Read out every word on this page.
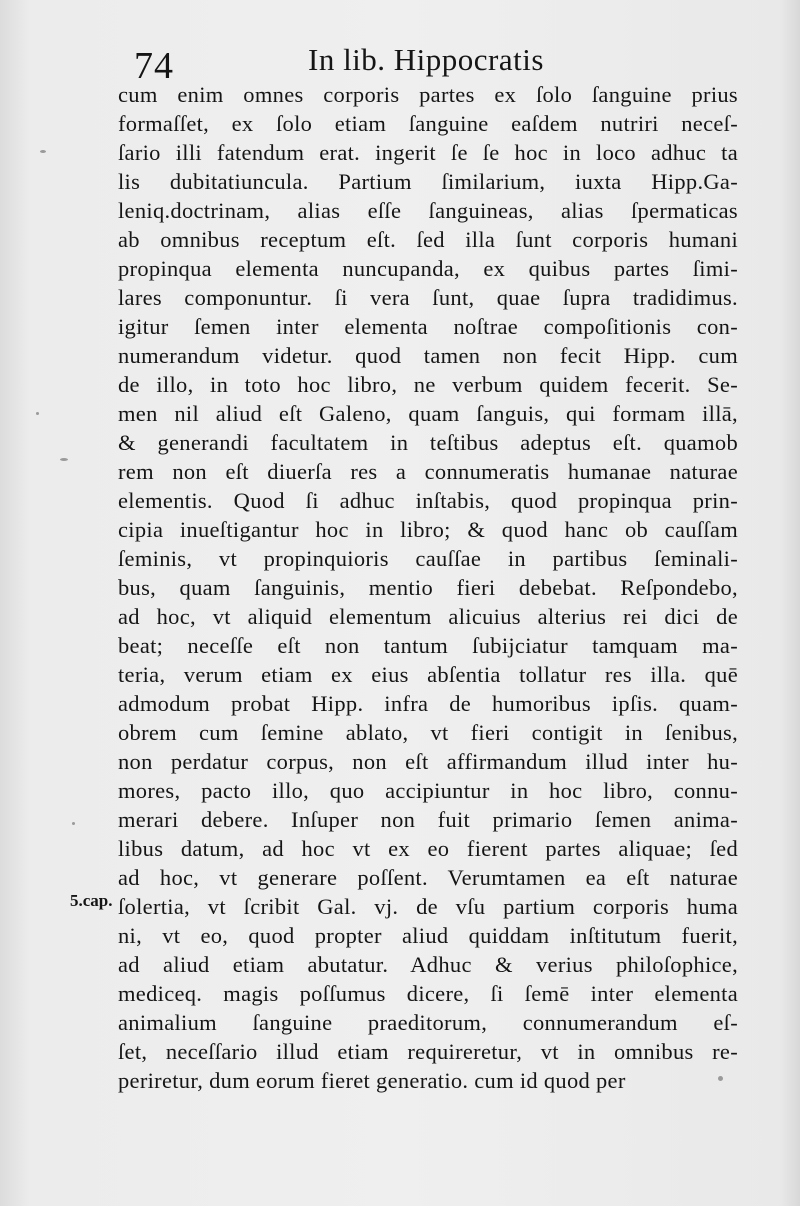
74	In lib. Hippocratis
cum enim omnes corporis partes ex ſolo ſanguine prius
formaſſet, ex ſolo etiam ſanguine eaſdem nutriri neceſ-
ſario illi fatendum erat. ingerit ſe ſe hoc in loco adhuc ta
lis dubitatiuncula. Partium ſimilarium, iuxta Hipp.Ga-
leniq.doctrinam, alias eſſe ſanguineas, alias ſpermaticas
ab omnibus receptum eſt. ſed illa ſunt corporis humani
propinqua elementa nuncupanda, ex quibus partes ſimi-
lares componuntur. ſi vera ſunt, quae ſupra tradidimus.
igitur ſemen inter elementa noſtrae compoſitionis con-
numerandum videtur. quod tamen non fecit Hipp. cum
de illo, in toto hoc libro, ne verbum quidem fecerit. Se-
men nil aliud eſt Galeno, quam ſanguis, qui formam illā,
& generandi facultatem in teſtibus adeptus eſt. quamob
rem non eſt diuerſa res a connumeratis humanae naturae
elementis. Quod ſi adhuc inſtabis, quod propinqua prin-
cipia inueſtigantur hoc in libro; & quod hanc ob cauſſam
ſeminis, vt propinquioris cauſſae in partibus ſeminali-
bus, quam ſanguinis, mentio fieri debebat. Reſpondebo,
ad hoc, vt aliquid elementum alicuius alterius rei dici de
beat; neceſſe eſt non tantum ſubijciatur tamquam ma-
teria, verum etiam ex eius abſentia tollatur res illa. quē
admodum probat Hipp. infra de humoribus ipſis. quam-
obrem cum ſemine ablato, vt fieri contigit in ſenibus,
non perdatur corpus, non eſt affirmandum illud inter hu-
mores, pacto illo, quo accipiuntur in hoc libro, connu-
merari debere. Inſuper non fuit primario ſemen anima-
libus datum, ad hoc vt ex eo fierent partes aliquae; ſed
ad hoc, vt generare poſſent. Verumtamen ea eſt naturae
ſolertia, vt ſcribit Gal. vj. de vſu partium corporis huma
ni, vt eo, quod propter aliud quiddam inſtitutum fuerit,
ad aliud etiam abutatur. Adhuc & verius philoſophice,
mediceq. magis poſſumus dicere, ſi ſemē inter elementa
animalium ſanguine praeditorum, connumerandum eſ-
ſet, neceſſario illud etiam requireretur, vt in omnibus re-
periretur, dum eorum fieret generatio. cum id quod per
5.cap.
